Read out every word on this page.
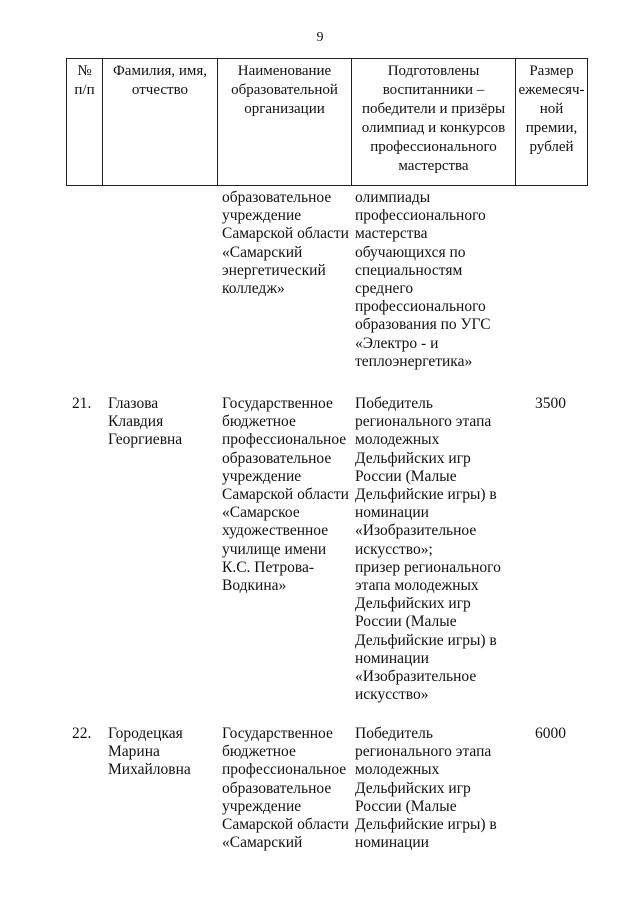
9
№
п/п
Фамилия, имя,
отчество
Наименование
образовательной
организации
Подготовлены
воспитанники –
победители и призёры
олимпиад и конкурсов
профессионального
мастерства
Размер
ежемесяч-
ной
премии,
рублей

образовательное
учреждение
Самарской области
«Самарский
энергетический
колледж»

олимпиады
профессионального
мастерства
обучающихся по
специальностям
среднего
профессионального
образования по УГС
«Электро - и
теплоэнергетика»

21. Глазова
Клавдия
Георгиевна

Государственное
бюджетное
профессиональное
образовательное
учреждение
Самарской области
«Самарское
художественное
училище имени
К.С. Петрова-
Водкина»

Победитель
регионального этапа
молодежных
Дельфийских игр
России (Малые
Дельфийские игры) в
номинации
«Изобразительное
искусство»;
призер регионального
этапа молодежных
Дельфийских игр
России (Малые
Дельфийские игры) в
номинации
«Изобразительное
искусство»

3500

22. Городецкая
Марина
Михайловна

Государственное
бюджетное
профессиональное
образовательное
учреждение
Самарской области
«Самарский

Победитель
регионального этапа
молодежных
Дельфийских игр
России (Малые
Дельфийские игры) в
номинации

6000
